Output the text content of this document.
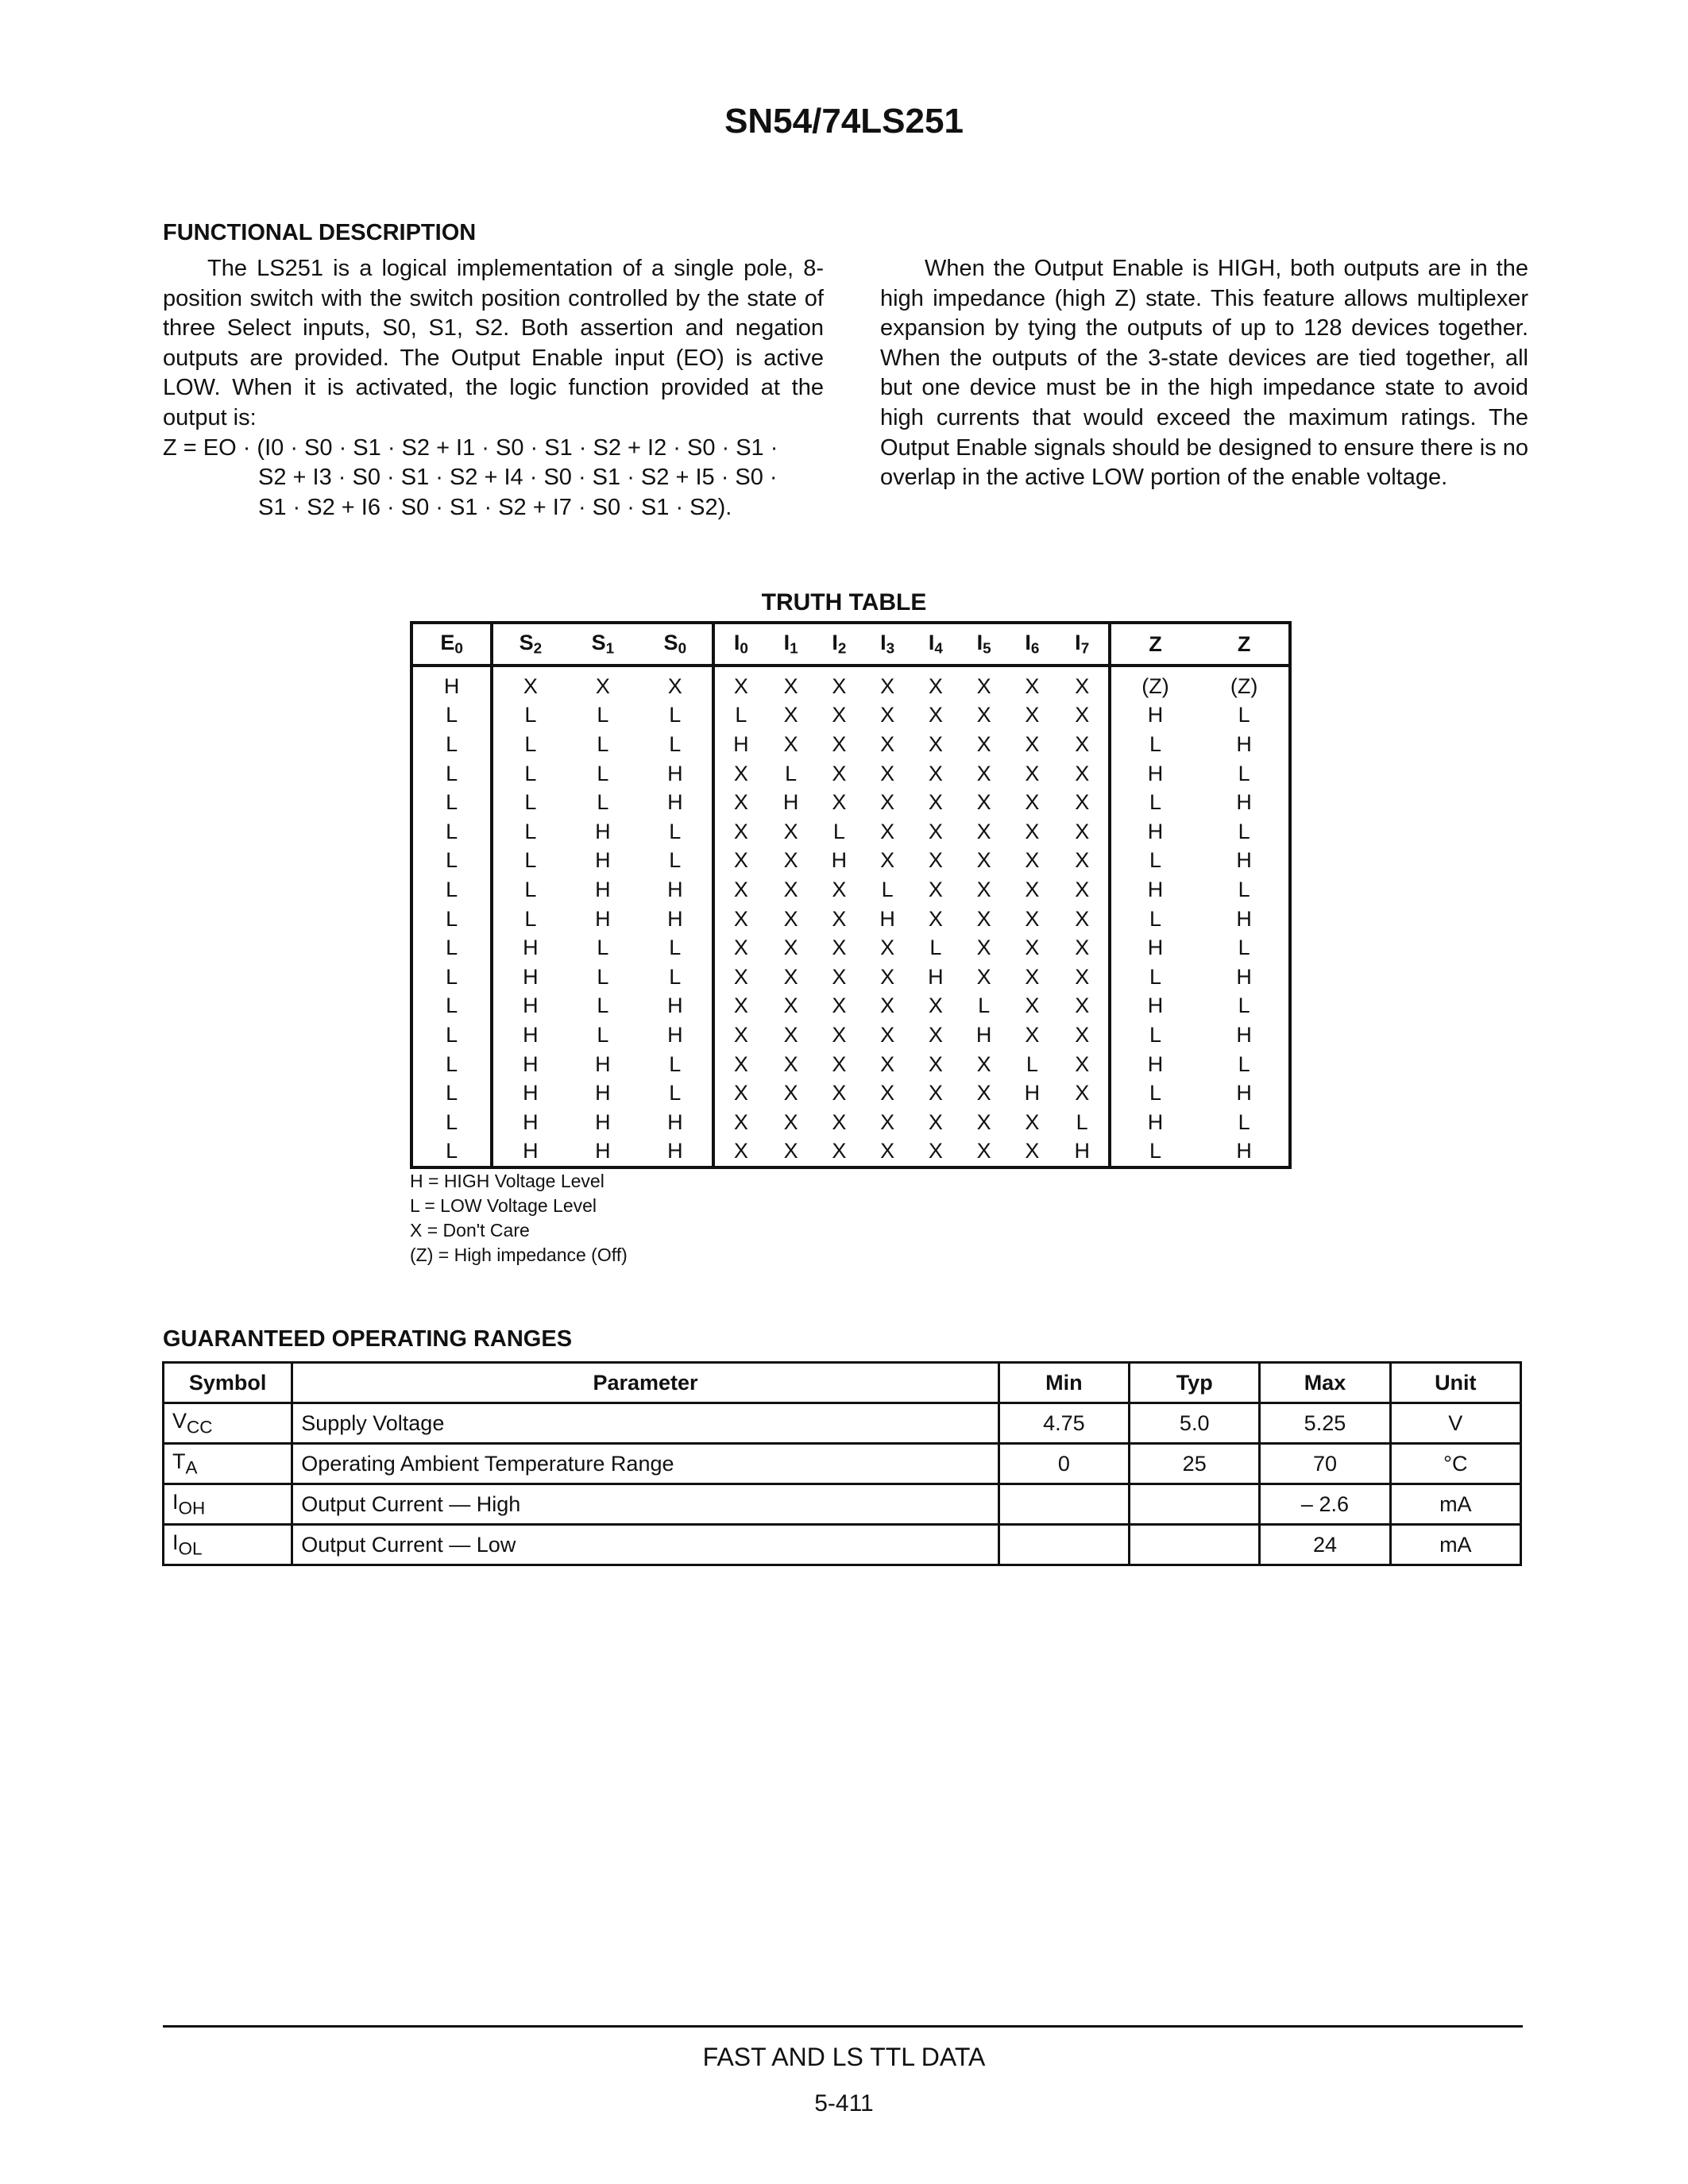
SN54/74LS251
FUNCTIONAL DESCRIPTION

The LS251 is a logical implementation of a single pole, 8-position switch with the switch position controlled by the state of three Select inputs, S0, S1, S2. Both assertion and negation outputs are provided. The Output Enable input (EO) is active LOW. When it is activated, the logic function provided at the output is:

Z = EO · (I0 · S0 · S1 · S2 + I1 · S0 · S1 · S2 + I2 · S0 · S1 ·
S2 + I3 · S0 · S1 · S2 + I4 · S0 · S1 · S2 + I5 · S0 ·
S1 · S2 + I6 · S0 · S1 · S2 + I7 · S0 · S1 · S2).

When the Output Enable is HIGH, both outputs are in the high impedance (high Z) state. This feature allows multiplexer expansion by tying the outputs of up to 128 devices together. When the outputs of the 3-state devices are tied together, all but one device must be in the high impedance state to avoid high currents that would exceed the maximum ratings. The Output Enable signals should be designed to ensure there is no overlap in the active LOW portion of the enable voltage.

TRUTH TABLE
$E_0$	$S_2$	$S_1$	$S_0$	$I_0$	$I_1$	$I_2$	$I_3$	$I_4$	$I_5$	$I_6$	$I_7$	Z	Z
H	X	X	X	X	X	X	X	X	X	X	X	(Z)	(Z)
L	L	L	L	L	X	X	X	X	X	X	X	H	L
L	L	L	L	H	X	X	X	X	X	X	X	L	H
L	L	L	H	X	L	X	X	X	X	X	X	H	L
L	L	L	H	X	H	X	X	X	X	X	X	L	H
L	L	H	L	X	X	L	X	X	X	X	X	H	L
L	L	H	L	X	X	H	X	X	X	X	X	L	H
L	L	H	H	X	X	X	L	X	X	X	X	H	L
L	L	H	H	X	X	X	H	X	X	X	X	L	H
L	H	L	L	X	X	X	X	L	X	X	X	H	L
L	H	L	L	X	X	X	X	H	X	X	X	L	H
L	H	L	H	X	X	X	X	X	L	X	X	H	L
L	H	L	H	X	X	X	X	X	H	X	X	L	H
L	H	H	L	X	X	X	X	X	X	L	X	H	L
L	H	H	L	X	X	X	X	X	X	H	X	L	H
L	H	H	H	X	X	X	X	X	X	X	L	H	L
L	H	H	H	X	X	X	X	X	X	X	H	L	H
H = HIGH Voltage Level
L = LOW Voltage Level
X = Don't Care
(Z) = High impedance (Off)
GUARANTEED OPERATING RANGES
Symbol	Parameter	Min	Typ	Max	Unit
$V_{CC}$	Supply Voltage	4.75	5.0	5.25	V
$T_A$	Operating Ambient Temperature Range	0	25	70	°C
$I_{OH}$	Output Current — High			– 2.6	mA
$I_{OL}$	Output Current — Low			24	mA
FAST AND LS TTL DATA
5-411
